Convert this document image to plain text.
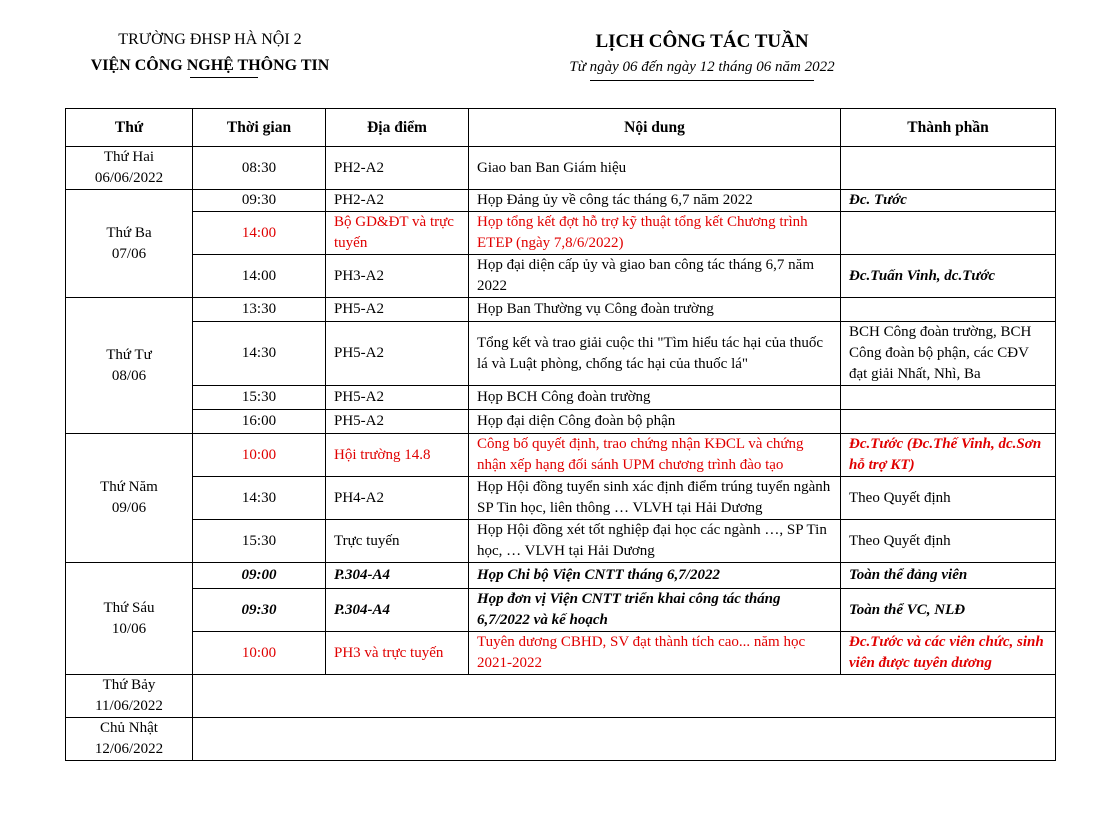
TRƯỜNG ĐHSP HÀ NỘI 2
VIỆN CÔNG NGHỆ THÔNG TIN
LỊCH CÔNG TÁC TUẦN
Từ ngày 06 đến ngày 12 tháng 06 năm 2022
Thứ	Thời gian	Địa điểm	Nội dung	Thành phần
Thứ Hai
06/06/2022	08:30	PH2-A2	Giao ban Ban Giám hiệu	
Thứ Ba
07/06	09:30	PH2-A2	Họp Đảng ủy về công tác tháng 6,7 năm 2022	Đc. Tước
	14:00	Bộ GD&ĐT và trực tuyến	Họp tổng kết đợt hỗ trợ kỹ thuật tổng kết Chương trình ETEP (ngày 7,8/6/2022)	
	14:00	PH3-A2	Họp đại diện cấp ủy và giao ban công tác tháng 6,7 năm 2022	Đc.Tuấn Vinh, dc.Tước
Thứ Tư
08/06	13:30	PH5-A2	Họp Ban Thường vụ Công đoàn trường	
	14:30	PH5-A2	Tổng kết và trao giải cuộc thi "Tìm hiểu tác hại của thuốc lá và Luật phòng, chống tác hại của thuốc lá"	BCH Công đoàn trường, BCH Công đoàn bộ phận, các CĐV đạt giải Nhất, Nhì, Ba
	15:30	PH5-A2	Họp BCH Công đoàn trường	
	16:00	PH5-A2	Họp đại diện Công đoàn bộ phận	
Thứ Năm
09/06	10:00	Hội trường 14.8	Công bố quyết định, trao chứng nhận KĐCL và chứng nhận xếp hạng đối sánh UPM chương trình đào tạo	Đc.Tước (Đc.Thế Vinh, dc.Sơn hỗ trợ KT)
	14:30	PH4-A2	Họp Hội đồng tuyển sinh xác định điểm trúng tuyển ngành SP Tin học, liên thông … VLVH tại Hải Dương	Theo Quyết định
	15:30	Trực tuyến	Họp Hội đồng xét tốt nghiệp đại học các ngành …, SP Tin học, … VLVH tại Hải Dương	Theo Quyết định
Thứ Sáu
10/06	09:00	P.304-A4	Họp Chi bộ Viện CNTT tháng 6,7/2022	Toàn thể đảng viên
	09:30	P.304-A4	Họp đơn vị Viện CNTT triển khai công tác tháng 6,7/2022 và kế hoạch	Toàn thể VC, NLĐ
	10:00	PH3 và trực tuyến	Tuyên dương CBHD, SV đạt thành tích cao... năm học 2021-2022	Đc.Tước và các viên chức, sinh viên được tuyên dương
Thứ Bảy
11/06/2022				
Chủ Nhật
12/06/2022				
